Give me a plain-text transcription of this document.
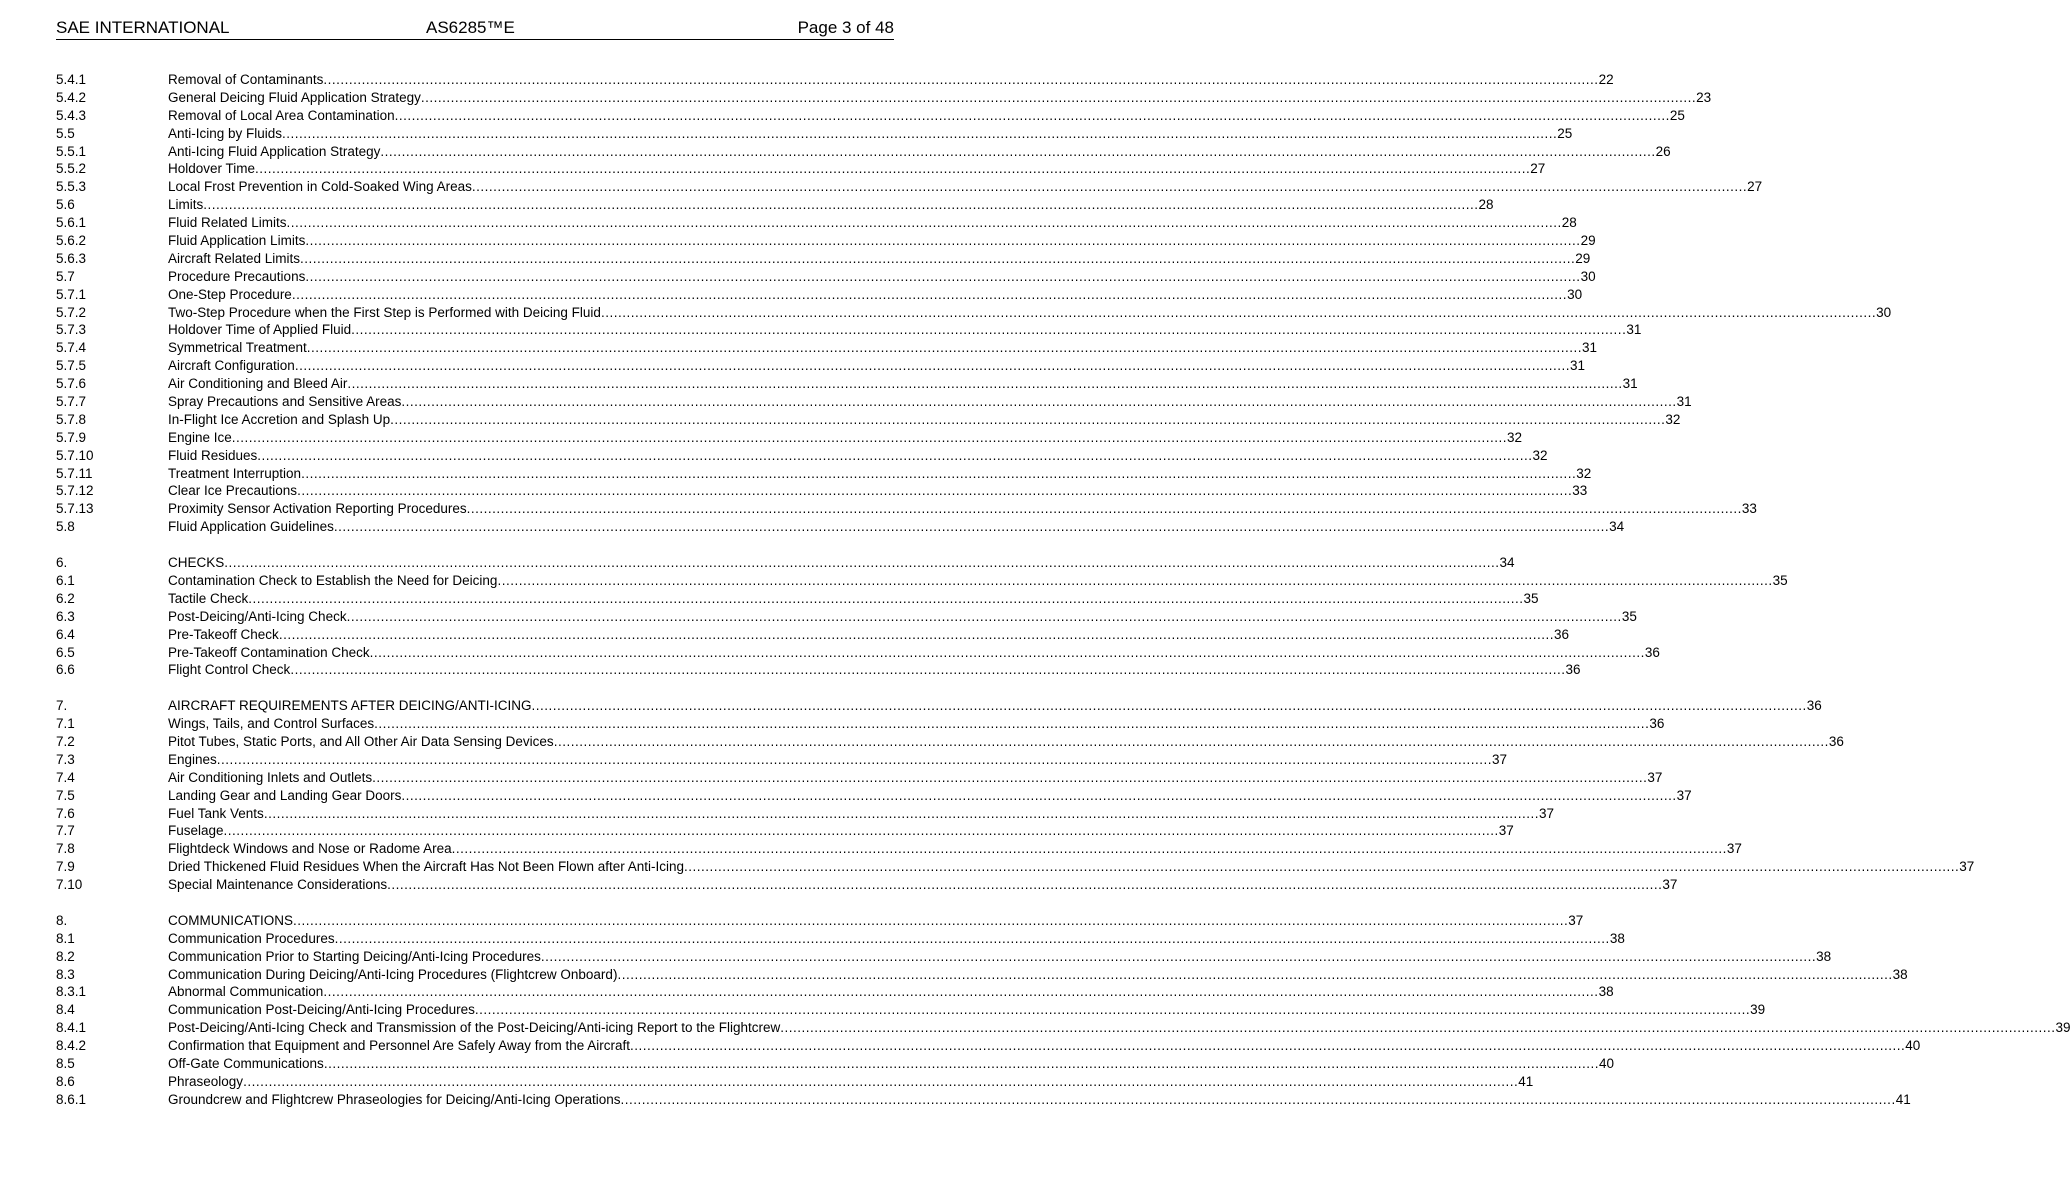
SAE INTERNATIONAL	AS6285™E	Page 3 of 48
5.4.1	Removal of Contaminants ............................................................................................................................................................................................................................................................................................................ 22
5.4.2	General Deicing Fluid Application Strategy ............................................................................................................................................................................................................................................................................................................ 23
5.4.3	Removal of Local Area Contamination ............................................................................................................................................................................................................................................................................................................ 25
5.5	Anti-Icing by Fluids ............................................................................................................................................................................................................................................................................................................ 25
5.5.1	Anti-Icing Fluid Application Strategy ............................................................................................................................................................................................................................................................................................................ 26
5.5.2	Holdover Time ............................................................................................................................................................................................................................................................................................................ 27
5.5.3	Local Frost Prevention in Cold-Soaked Wing Areas ............................................................................................................................................................................................................................................................................................................ 27
5.6	Limits ............................................................................................................................................................................................................................................................................................................ 28
5.6.1	Fluid Related Limits ............................................................................................................................................................................................................................................................................................................ 28
5.6.2	Fluid Application Limits ............................................................................................................................................................................................................................................................................................................ 29
5.6.3	Aircraft Related Limits ............................................................................................................................................................................................................................................................................................................ 29
5.7	Procedure Precautions ............................................................................................................................................................................................................................................................................................................ 30
5.7.1	One-Step Procedure ............................................................................................................................................................................................................................................................................................................ 30
5.7.2	Two-Step Procedure when the First Step is Performed with Deicing Fluid ............................................................................................................................................................................................................................................................................................................ 30
5.7.3	Holdover Time of Applied Fluid ............................................................................................................................................................................................................................................................................................................ 31
5.7.4	Symmetrical Treatment ............................................................................................................................................................................................................................................................................................................ 31
5.7.5	Aircraft Configuration ............................................................................................................................................................................................................................................................................................................ 31
5.7.6	Air Conditioning and Bleed Air ............................................................................................................................................................................................................................................................................................................ 31
5.7.7	Spray Precautions and Sensitive Areas ............................................................................................................................................................................................................................................................................................................ 31
5.7.8	In-Flight Ice Accretion and Splash Up ............................................................................................................................................................................................................................................................................................................ 32
5.7.9	Engine Ice ............................................................................................................................................................................................................................................................................................................ 32
5.7.10	Fluid Residues ............................................................................................................................................................................................................................................................................................................ 32
5.7.11	Treatment Interruption ............................................................................................................................................................................................................................................................................................................ 32
5.7.12	Clear Ice Precautions ............................................................................................................................................................................................................................................................................................................ 33
5.7.13	Proximity Sensor Activation Reporting Procedures ............................................................................................................................................................................................................................................................................................................ 33
5.8	Fluid Application Guidelines ............................................................................................................................................................................................................................................................................................................ 34
6.	CHECKS ............................................................................................................................................................................................................................................................................................................ 34
6.1	Contamination Check to Establish the Need for Deicing ............................................................................................................................................................................................................................................................................................................ 35
6.2	Tactile Check ............................................................................................................................................................................................................................................................................................................ 35
6.3	Post-Deicing/Anti-Icing Check ............................................................................................................................................................................................................................................................................................................ 35
6.4	Pre-Takeoff Check ............................................................................................................................................................................................................................................................................................................ 36
6.5	Pre-Takeoff Contamination Check ............................................................................................................................................................................................................................................................................................................ 36
6.6	Flight Control Check ............................................................................................................................................................................................................................................................................................................ 36
7.	AIRCRAFT REQUIREMENTS AFTER DEICING/ANTI-ICING ............................................................................................................................................................................................................................................................................................................ 36
7.1	Wings, Tails, and Control Surfaces ............................................................................................................................................................................................................................................................................................................ 36
7.2	Pitot Tubes, Static Ports, and All Other Air Data Sensing Devices ............................................................................................................................................................................................................................................................................................................ 36
7.3	Engines ............................................................................................................................................................................................................................................................................................................ 37
7.4	Air Conditioning Inlets and Outlets ............................................................................................................................................................................................................................................................................................................ 37
7.5	Landing Gear and Landing Gear Doors ............................................................................................................................................................................................................................................................................................................ 37
7.6	Fuel Tank Vents ............................................................................................................................................................................................................................................................................................................ 37
7.7	Fuselage ............................................................................................................................................................................................................................................................................................................ 37
7.8	Flightdeck Windows and Nose or Radome Area ............................................................................................................................................................................................................................................................................................................ 37
7.9	Dried Thickened Fluid Residues When the Aircraft Has Not Been Flown after Anti-Icing ............................................................................................................................................................................................................................................................................................................ 37
7.10	Special Maintenance Considerations ............................................................................................................................................................................................................................................................................................................ 37
8.	COMMUNICATIONS ............................................................................................................................................................................................................................................................................................................ 37
8.1	Communication Procedures ............................................................................................................................................................................................................................................................................................................ 38
8.2	Communication Prior to Starting Deicing/Anti-Icing Procedures ............................................................................................................................................................................................................................................................................................................ 38
8.3	Communication During Deicing/Anti-Icing Procedures (Flightcrew Onboard) ............................................................................................................................................................................................................................................................................................................ 38
8.3.1	Abnormal Communication ............................................................................................................................................................................................................................................................................................................ 38
8.4	Communication Post-Deicing/Anti-Icing Procedures ............................................................................................................................................................................................................................................................................................................ 39
8.4.1	Post-Deicing/Anti-Icing Check and Transmission of the Post-Deicing/Anti-icing Report to the Flightcrew ............................................................................................................................................................................................................................................................................................................ 39
8.4.2	Confirmation that Equipment and Personnel Are Safely Away from the Aircraft ............................................................................................................................................................................................................................................................................................................ 40
8.5	Off-Gate Communications ............................................................................................................................................................................................................................................................................................................ 40
8.6	Phraseology ............................................................................................................................................................................................................................................................................................................ 41
8.6.1	Groundcrew and Flightcrew Phraseologies for Deicing/Anti-Icing Operations ............................................................................................................................................................................................................................................................................................................ 41
